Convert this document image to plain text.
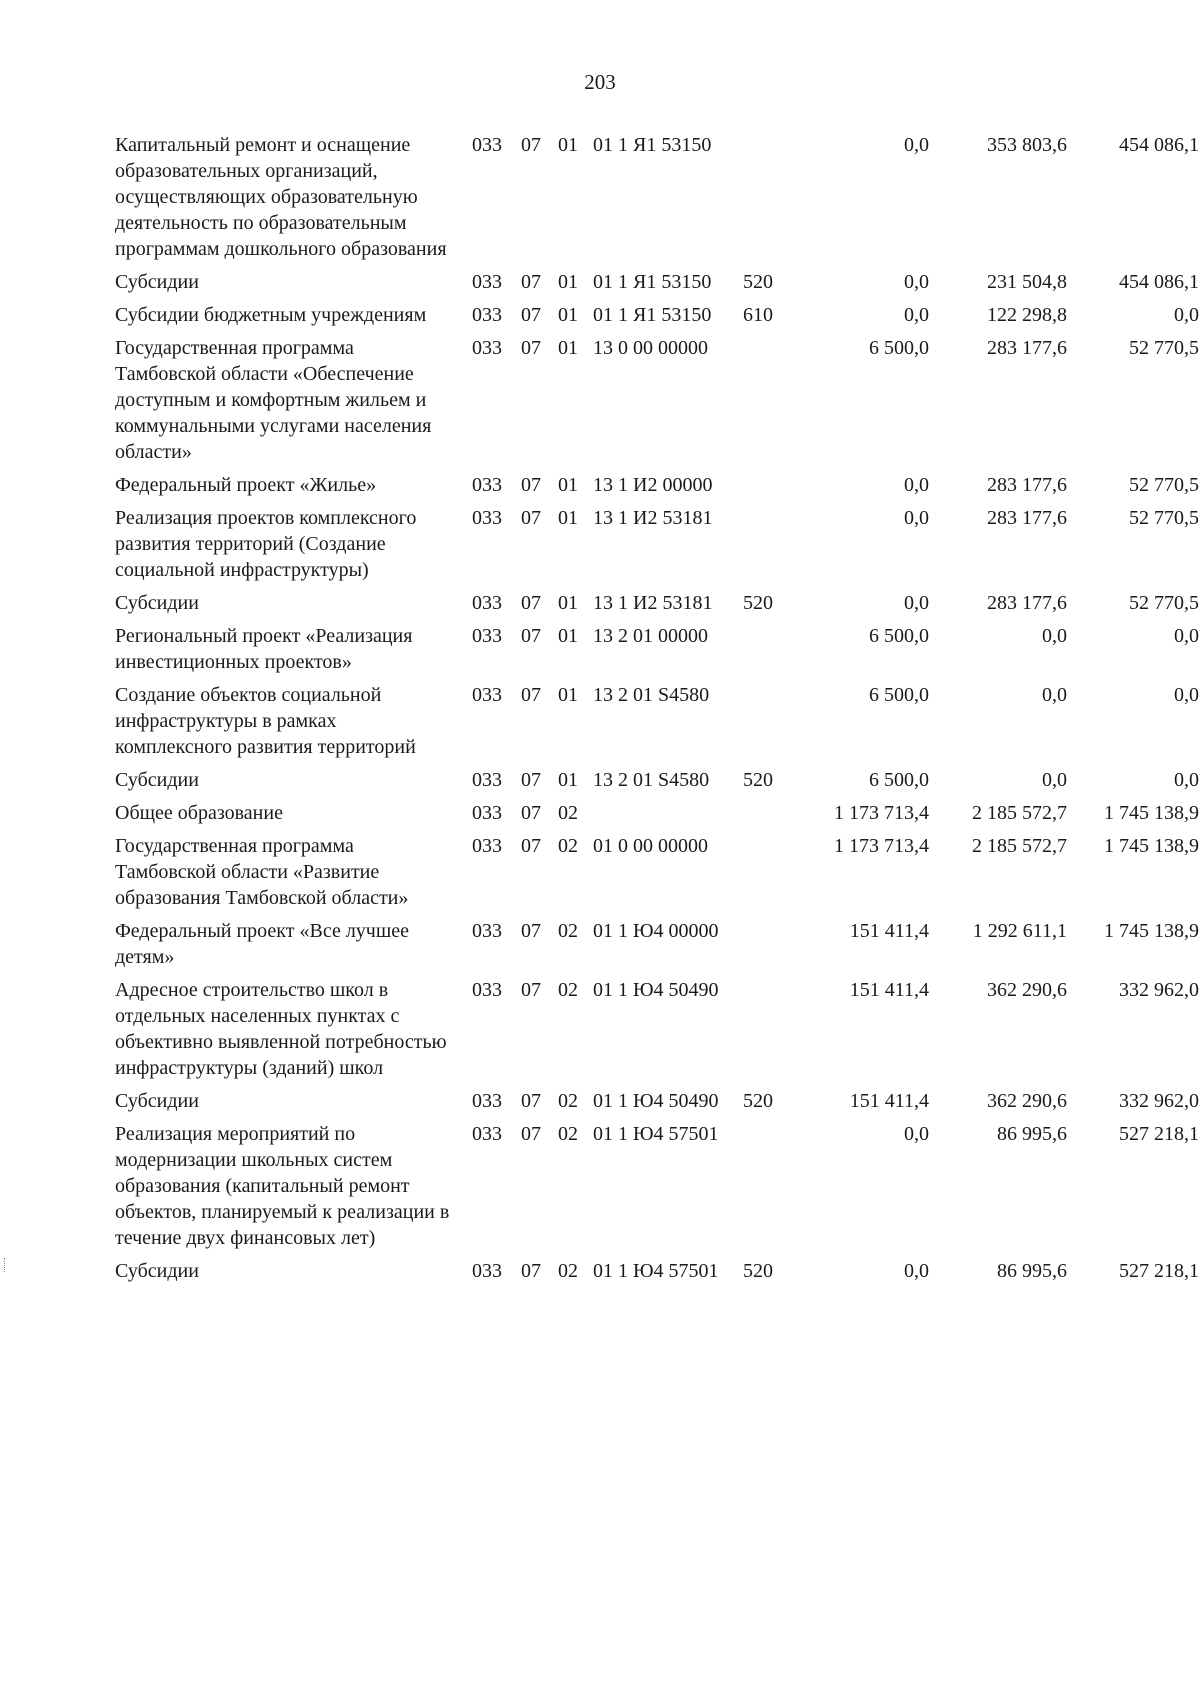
203
Капитальный ремонт и оснащение образовательных организаций, осуществляющих образовательную деятельность по образовательным программам дошкольного образования	033	07	01	01 1 Я1 53150		0,0	353 803,6	454 086,1
Субсидии	033	07	01	01 1 Я1 53150	520	0,0	231 504,8	454 086,1
Субсидии бюджетным учреждениям	033	07	01	01 1 Я1 53150	610	0,0	122 298,8	0,0
Государственная программа Тамбовской области «Обеспечение доступным и комфортным жильем и коммунальными услугами населения области»	033	07	01	13 0 00 00000		6 500,0	283 177,6	52 770,5
Федеральный проект «Жилье»	033	07	01	13 1 И2 00000		0,0	283 177,6	52 770,5
Реализация проектов комплексного развития территорий (Создание социальной инфраструктуры)	033	07	01	13 1 И2 53181		0,0	283 177,6	52 770,5
Субсидии	033	07	01	13 1 И2 53181	520	0,0	283 177,6	52 770,5
Региональный проект «Реализация инвестиционных проектов»	033	07	01	13 2 01 00000		6 500,0	0,0	0,0
Создание объектов социальной инфраструктуры в рамках комплексного развития территорий	033	07	01	13 2 01 S4580		6 500,0	0,0	0,0
Субсидии	033	07	01	13 2 01 S4580	520	6 500,0	0,0	0,0
Общее образование	033	07	02			1 173 713,4	2 185 572,7	1 745 138,9
Государственная программа Тамбовской области «Развитие образования Тамбовской области»	033	07	02	01 0 00 00000		1 173 713,4	2 185 572,7	1 745 138,9
Федеральный проект «Все лучшее детям»	033	07	02	01 1 Ю4 00000		151 411,4	1 292 611,1	1 745 138,9
Адресное строительство школ в отдельных населенных пунктах с объективно выявленной потребностью инфраструктуры (зданий) школ	033	07	02	01 1 Ю4 50490		151 411,4	362 290,6	332 962,0
Субсидии	033	07	02	01 1 Ю4 50490	520	151 411,4	362 290,6	332 962,0
Реализация мероприятий по модернизации школьных систем образования (капитальный ремонт объектов, планируемый к реализации в течение двух финансовых лет)	033	07	02	01 1 Ю4 57501		0,0	86 995,6	527 218,1
Субсидии	033	07	02	01 1 Ю4 57501	520	0,0	86 995,6	527 218,1
